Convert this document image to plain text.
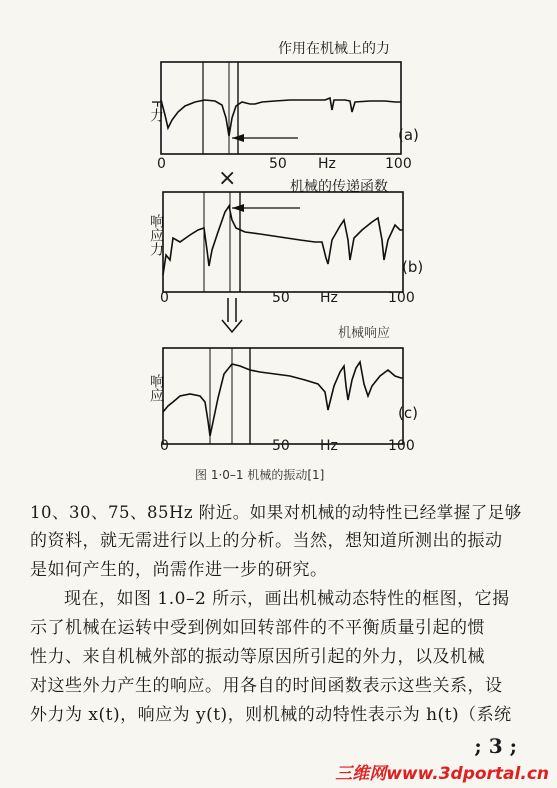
作用在机械上的力
F力
(a)
0	50 Hz	100
×	机械的传递函数
响应力
(b)
0	50 Hz	100
机械响应
响应
(c)
0	50 Hz	100
图 1·0–1 机械的振动[1]
10、30、75、85Hz 附近。如果对机械的动特性已经掌握了足够
的资料，就无需进行以上的分析。当然，想知道所测出的振动
是如何产生的，尚需作进一步的研究。
现在，如图 1.0–2 所示，画出机械动态特性的框图，它揭
示了机械在运转中受到例如回转部件的不平衡质量引起的惯
性力、来自机械外部的振动等原因所引起的外力，以及机械
对这些外力产生的响应。用各自的时间函数表示这些关系，设
外力为 x(t)，响应为 y(t)，则机械的动特性表示为 h(t)（系统
; 3 ;
三维网www.3dportal.cn
